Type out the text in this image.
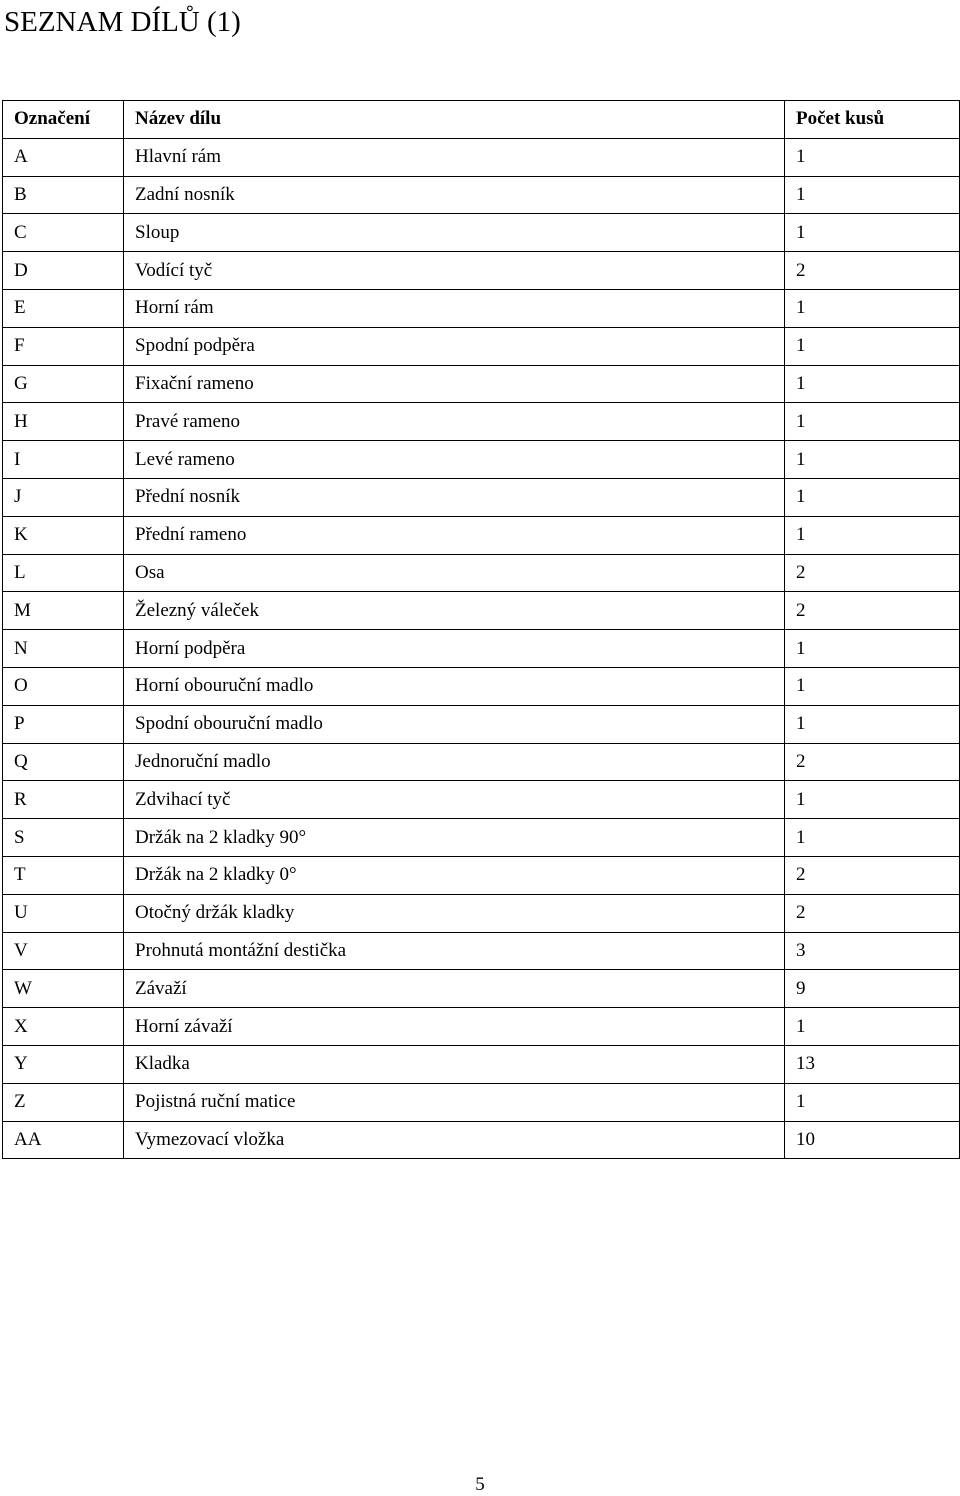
SEZNAM DÍLŮ (1)
Označení	Název dílu	Počet kusů
A	Hlavní rám	1
B	Zadní nosník	1
C	Sloup	1
D	Vodící tyč	2
E	Horní rám	1
F	Spodní podpěra	1
G	Fixační rameno	1
H	Pravé rameno	1
I	Levé rameno	1
J	Přední nosník	1
K	Přední rameno	1
L	Osa	2
M	Železný váleček	2
N	Horní podpěra	1
O	Horní obouruční madlo	1
P	Spodní obouruční madlo	1
Q	Jednoruční madlo	2
R	Zdvihací tyč	1
S	Držák na 2 kladky 90°	1
T	Držák na 2 kladky 0°	2
U	Otočný držák kladky	2
V	Prohnutá montážní destička	3
W	Závaží	9
X	Horní závaží	1
Y	Kladka	13
Z	Pojistná ruční matice	1
AA	Vymezovací vložka	10
5
